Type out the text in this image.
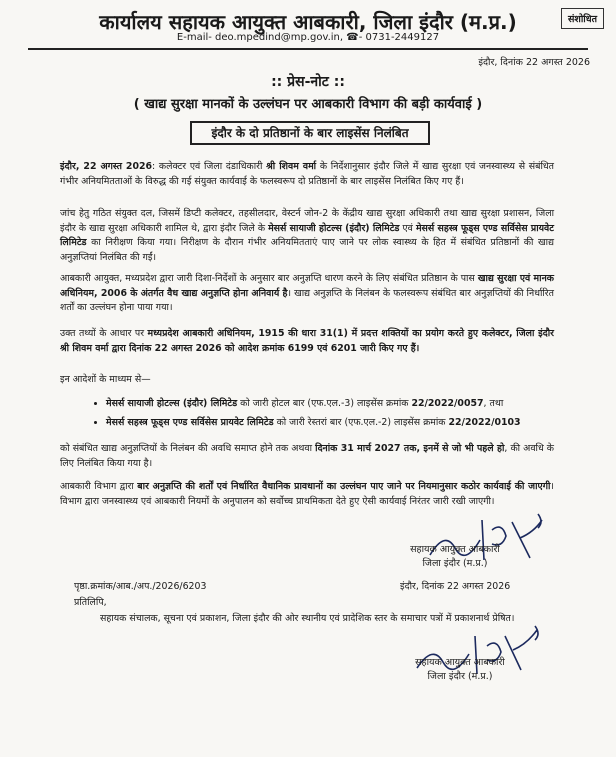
कार्यालय सहायक आयुक्त आबकारी, जिला इंदौर (म.प्र.)	संशोधित
E-mail- deo.mpedind@mp.gov.in, ☎- 0731-2449127
इंदौर, दिनांक 22 अगस्त 2026
:: प्रेस-नोट ::
( खाद्य सुरक्षा मानकों के उल्लंघन पर आबकारी विभाग की बड़ी कार्यवाई )
इंदौर के दो प्रतिष्ठानों के बार लाइसेंस निलंबित
इंदौर, 22 अगस्त 2026: कलेक्टर एवं जिला दंडाधिकारी श्री शिवम वर्मा के निर्देशानुसार इंदौर जिले में खाद्य सुरक्षा एवं जनस्वास्थ्य से संबंधित गंभीर अनियमितताओं के विरुद्ध की गई संयुक्त कार्यवाई के फलस्वरूप दो प्रतिष्ठानों के बार लाइसेंस निलंबित किए गए हैं।
जांच हेतु गठित संयुक्त दल, जिसमें डिप्टी कलेक्टर, तहसीलदार, वेस्टर्न जोन-2 के केंद्रीय खाद्य सुरक्षा अधिकारी तथा खाद्य सुरक्षा प्रशासन, जिला इंदौर के खाद्य सुरक्षा अधिकारी शामिल थे, द्वारा इंदौर जिले के मेसर्स सायाजी होटल्स (इंदौर) लिमिटेड एवं मेसर्स सहस्त्र फूड्स एण्ड सर्विसेस प्रायवेट लिमिटेड का निरीक्षण किया गया। निरीक्षण के दौरान गंभीर अनियमितताएं पाए जाने पर लोक स्वास्थ्य के हित में संबंधित प्रतिष्ठानों की खाद्य अनुज्ञप्तियां निलंबित की गईं।
आबकारी आयुक्त, मध्यप्रदेश द्वारा जारी दिशा-निर्देशों के अनुसार बार अनुज्ञप्ति धारण करने के लिए संबंधित प्रतिष्ठान के पास खाद्य सुरक्षा एवं मानक अधिनियम, 2006 के अंतर्गत वैध खाद्य अनुज्ञप्ति होना अनिवार्य है। खाद्य अनुज्ञप्ति के निलंबन के फलस्वरूप संबंधित बार अनुज्ञप्तियों की निर्धारित शर्तों का उल्लंघन होना पाया गया।
उक्त तथ्यों के आधार पर मध्यप्रदेश आबकारी अधिनियम, 1915 की धारा 31(1) में प्रदत्त शक्तियों का प्रयोग करते हुए कलेक्टर, जिला इंदौर श्री शिवम वर्मा द्वारा दिनांक 22 अगस्त 2026 को आदेश क्रमांक 6199 एवं 6201 जारी किए गए हैं।
इन आदेशों के माध्यम से—
• मेसर्स सायाजी होटल्स (इंदौर) लिमिटेड को जारी होटल बार (एफ.एल.-3) लाइसेंस क्रमांक 22/2022/0057, तथा
• मेसर्स सहस्त्र फूड्स एण्ड सर्विसेस प्रायवेट लिमिटेड को जारी रेस्तरां बार (एफ.एल.-2) लाइसेंस क्रमांक 22/2022/0103
को संबंधित खाद्य अनुज्ञप्तियों के निलंबन की अवधि समाप्त होने तक अथवा दिनांक 31 मार्च 2027 तक, इनमें से जो भी पहले हो, की अवधि के लिए निलंबित किया गया है।
आबकारी विभाग द्वारा बार अनुज्ञप्ति की शर्तों एवं निर्धारित वैधानिक प्रावधानों का उल्लंघन पाए जाने पर नियमानुसार कठोर कार्यवाई की जाएगी। विभाग द्वारा जनस्वास्थ्य एवं आबकारी नियमों के अनुपालन को सर्वोच्च प्राथमिकता देते हुए ऐसी कार्यवाई निरंतर जारी रखी जाएगी।
सहायक आयुक्त आबकारी
जिला इंदौर (म.प्र.)
पृष्ठा.क्रमांक/आब./अप./2026/6203	इंदौर, दिनांक 22 अगस्त 2026
प्रतिलिपि,
सहायक संचालक, सूचना एवं प्रकाशन, जिला इंदौर की ओर स्थानीय एवं प्रादेशिक स्तर के समाचार पत्रों में प्रकाशनार्थ प्रेषित।
सहायक आयुक्त आबकारी
जिला इंदौर (म.प्र.)
